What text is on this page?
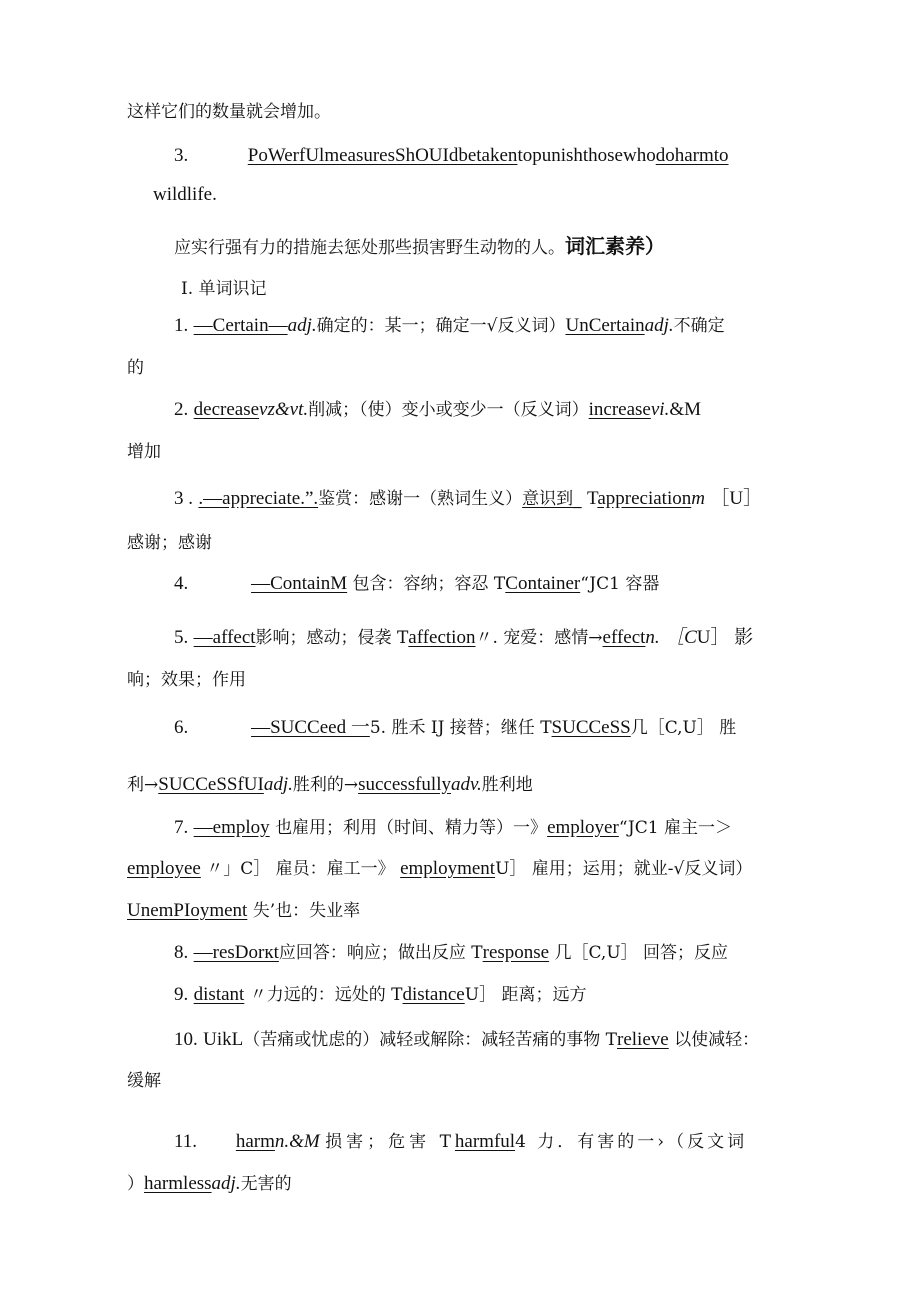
这样它们的数量就会增加。
3.	PoWerfUlmeasuresShOUIdbetakentopunishthosewhodoharmto
wildlife.
应实行强有力的措施去惩处那些损害野生动物的人。词汇素养）
I. 单词识记
1. —Certain—adj.确定的：某一；确定一√反义词）UnCertainadj.不确定
的
2. decreasevz&vt.削减；（使）变小或变少一（反义词）increasevi.&M
增加
3 . .—appreciate.”.鉴赏：感谢一（熟词生义）意识到_ Tappreciationm ［U］
感谢；感谢
4.	—ContainM 包含：容纳；容忍 TContainer“JC1 容器
5. —affect影响；感动；侵袭 Taffection〃. 宠爱：感情→effectn. ［CU］ 影
响；效果；作用
6.	—SUCCeed 一5. 胜禾 IJ 接替；继任 TSUCCeSS几［C,U］ 胜
利→SUCCeSSfUIadj.胜利的→successfullyadv.胜利地
7. —employ 也雇用；利用（时间、精力等）一》employer“JC1 雇主一＞
employee 〃」C］ 雇员：雇工一》 employmentU］ 雇用；运用；就业-√反义词）
UnemPIoyment 失’也：失业率
8. —resDorкt应回答：响应；做出反应 Tresponse 几［C,U］ 回答；反应
9. distant 〃力远的：远处的 TdistanceU］ 距离；远方
10. UikL（苦痛或忧虑的）减轻或解除：减轻苦痛的事物 Trelieve 以使减轻：
缓解
11. harmn.&M 损害；危害 Tharmful4 力．有害的一›（反文词
）harmlessadj.无害的
